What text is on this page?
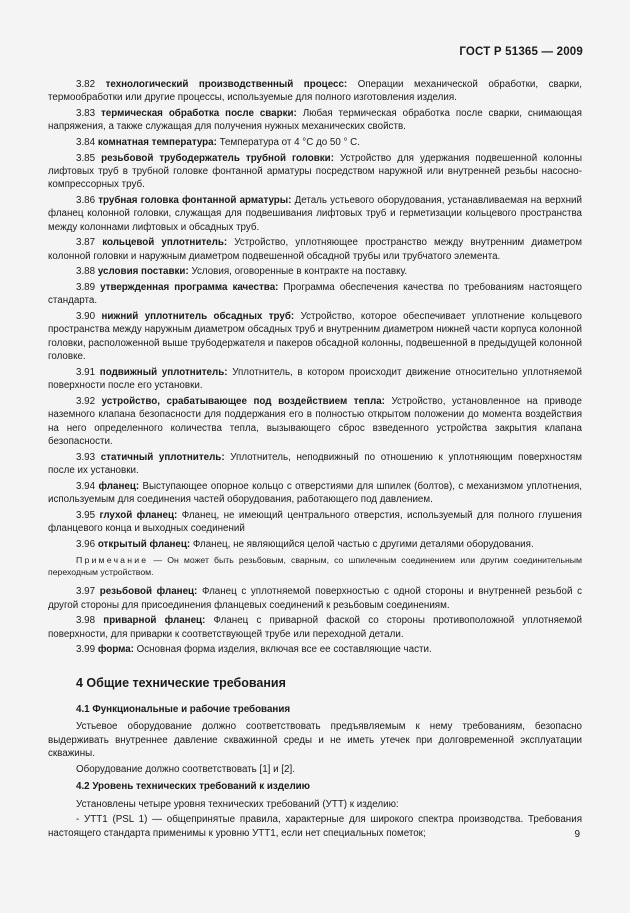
ГОСТ Р 51365 — 2009

3.82 технологический производственный процесс: Операции механической обработки, сварки, термообработки или другие процессы, используемые для полного изготовления изделия.

3.83 термическая обработка после сварки: Любая термическая обработка после сварки, снимающая напряжения, а также служащая для получения нужных механических свойств.

3.84 комнатная температура: Температура от 4 °C до 50 ° C.

3.85 резьбовой трубодержатель трубной головки: Устройство для удержания подвешенной колонны лифтовых труб в трубной головке фонтанной арматуры посредством наружной или внутренней резьбы насосно-компрессорных труб.

3.86 трубная головка фонтанной арматуры: Деталь устьевого оборудования, устанавливаемая на верхний фланец колонной головки, служащая для подвешивания лифтовых труб и герметизации кольцевого пространства между колоннами лифтовых и обсадных труб.

3.87 кольцевой уплотнитель: Устройство, уплотняющее пространство между внутренним диаметром колонной головки и наружным диаметром подвешенной обсадной трубы или трубчатого элемента.

3.88 условия поставки: Условия, оговоренные в контракте на поставку.

3.89 утвержденная программа качества: Программа обеспечения качества по требованиям настоящего стандарта.

3.90 нижний уплотнитель обсадных труб: Устройство, которое обеспечивает уплотнение кольцевого пространства между наружным диаметром обсадных труб и внутренним диаметром нижней части корпуса колонной головки, расположенной выше трубодержателя и пакеров обсадной колонны, подвешенной в предыдущей колонной головке.

3.91 подвижный уплотнитель: Уплотнитель, в котором происходит движение относительно уплотняемой поверхности после его установки.

3.92 устройство, срабатывающее под воздействием тепла: Устройство, установленное на приводе наземного клапана безопасности для поддержания его в полностью открытом положении до момента воздействия на него определенного количества тепла, вызывающего сброс взведенного устройства закрытия клапана безопасности.

3.93 статичный уплотнитель: Уплотнитель, неподвижный по отношению к уплотняющим поверхностям после их установки.

3.94 фланец: Выступающее опорное кольцо с отверстиями для шпилек (болтов), с механизмом уплотнения, используемым для соединения частей оборудования, работающего под давлением.

3.95 глухой фланец: Фланец, не имеющий центрального отверстия, используемый для полного глушения фланцевого конца и выходных соединений

3.96 открытый фланец: Фланец, не являющийся целой частью с другими деталями оборудования.

Примечание — Он может быть резьбовым, сварным, со шпилечным соединением или другим соединительным переходным устройством.

3.97 резьбовой фланец: Фланец с уплотняемой поверхностью с одной стороны и внутренней резьбой с другой стороны для присоединения фланцевых соединений к резьбовым соединениям.

3.98 приварной фланец: Фланец с приварной фаской со стороны противоположной уплотняемой поверхности, для приварки к соответствующей трубе или переходной детали.

3.99 форма: Основная форма изделия, включая все ее составляющие части.

4 Общие технические требования
4.1 Функциональные и рабочие требования

Устьевое оборудование должно соответствовать предъявляемым к нему требованиям, безопасно выдерживать внутреннее давление скважинной среды и не иметь утечек при долговременной эксплуатации скважины.

Оборудование должно соответствовать [1] и [2].

4.2 Уровень технических требований к изделию

Установлены четыре уровня технических требований (УТТ) к изделию:

- УТТ1 (PSL 1) — общепринятые правила, характерные для широкого спектра производства. Требования настоящего стандарта применимы к уровню УТТ1, если нет специальных пометок;	9
